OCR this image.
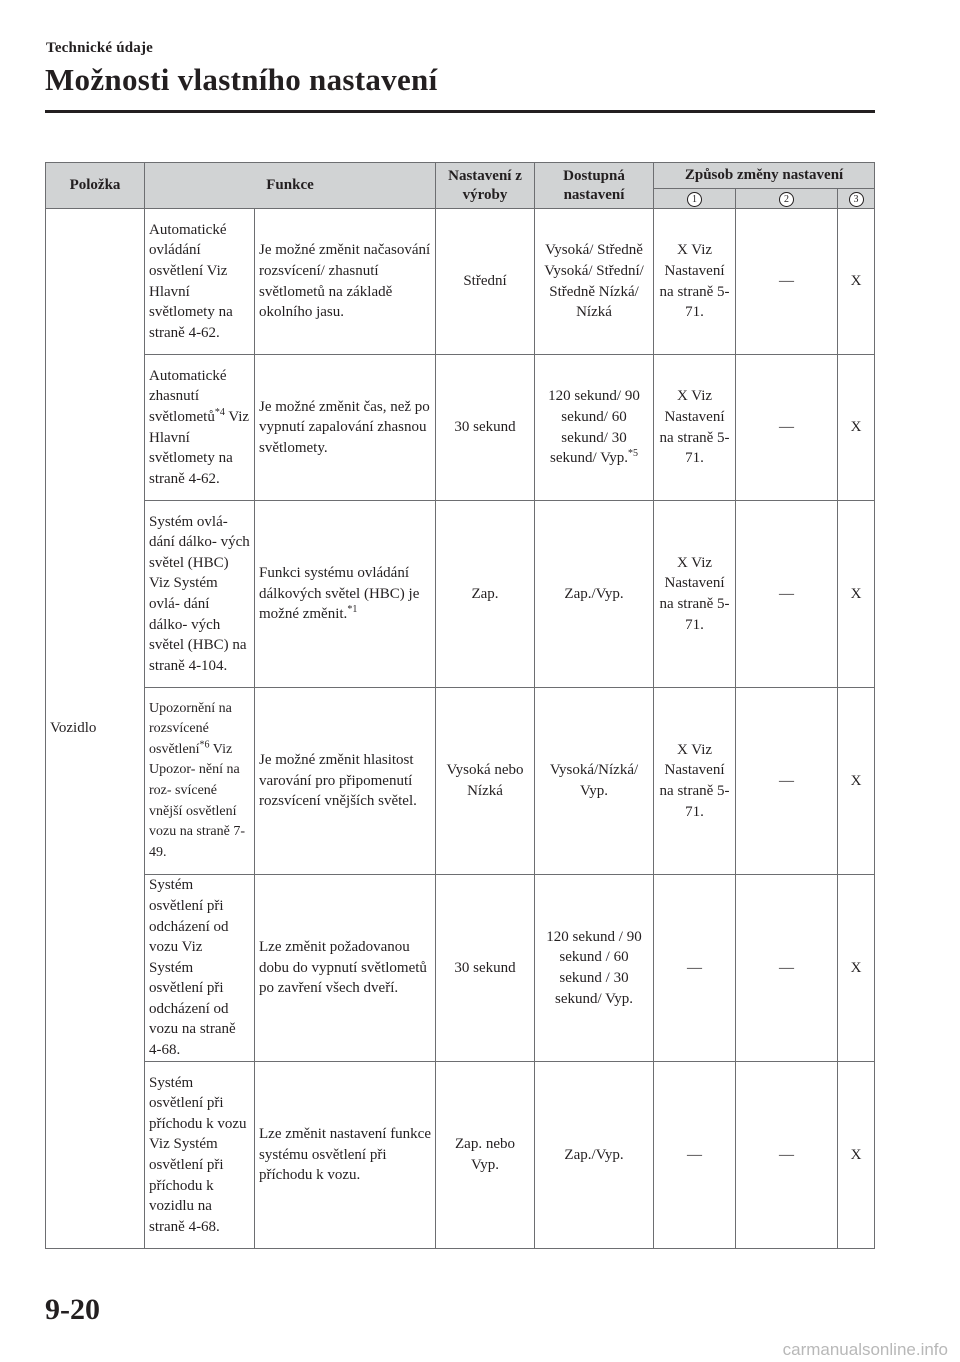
Technické údaje
Možnosti vlastního nastavení
Položka	Funkce		Nastavení z výroby	Dostupná nastavení	Způsob změny nastavení		
					1	2	3
Vozidlo	Automatické ovládání osvětlení Viz Hlavní světlomety na straně 4-62.	Je možné změnit načasování rozsvícení/ zhasnutí světlometů na základě okolního jasu.	Střední	Vysoká/ Středně Vysoká/ Střední/ Středně Nízká/ Nízká	X Viz Nastavení na straně 5-71.	—	X
	Automatické zhasnutí světlometů$^{*4}$ Viz Hlavní světlomety na straně 4-62.	Je možné změnit čas, než po vypnutí zapalování zhasnou světlomety.	30 sekund	120 sekund/ 90 sekund/ 60 sekund/ 30 sekund/ Vyp.$^{*5}$	X Viz Nastavení na straně 5-71.	—	X
	Systém ovlá- dání dálko- vých světel (HBC) Viz Systém ovlá- dání dálko- vých světel (HBC) na straně 4-104.	Funkci systému ovládání dálkových světel (HBC) je možné změnit.$^{*1}$	Zap.	Zap./Vyp.	X Viz Nastavení na straně 5-71.	—	X
	Upozornění na rozsvícené osvětlení$^{*6}$ Viz Upozor- nění na roz- svícené vnější osvětlení vozu na straně 7-49.	Je možné změnit hlasitost varování pro připomenutí rozsvícení vnějších světel.	Vysoká nebo Nízká	Vysoká/Nízká/ Vyp.	X Viz Nastavení na straně 5-71.	—	X
	Systém osvětlení při odcházení od vozu Viz Systém osvětlení při odcházení od vozu na straně 4-68.	Lze změnit požadovanou dobu do vypnutí světlometů po zavření všech dveří.	30 sekund	120 sekund / 90 sekund / 60 sekund / 30 sekund/ Vyp.	—	—	X
	Systém osvětlení při příchodu k vozu Viz Systém osvětlení při příchodu k vozidlu na straně 4-68.	Lze změnit nastavení funkce systému osvětlení při příchodu k vozu.	Zap. nebo Vyp.	Zap./Vyp.	—	—	X
9-20
carmanualsonline.info
